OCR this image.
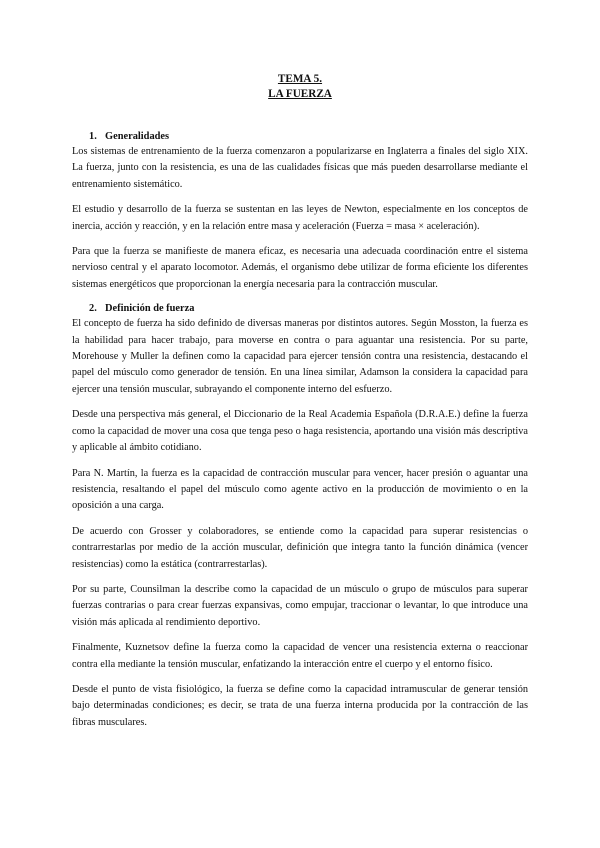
TEMA 5.
LA FUERZA
1. Generalidades

Los sistemas de entrenamiento de la fuerza comenzaron a popularizarse en Inglaterra a finales del siglo XIX. La fuerza, junto con la resistencia, es una de las cualidades físicas que más pueden desarrollarse mediante el entrenamiento sistemático.

El estudio y desarrollo de la fuerza se sustentan en las leyes de Newton, especialmente en los conceptos de inercia, acción y reacción, y en la relación entre masa y aceleración (Fuerza = masa × aceleración).

Para que la fuerza se manifieste de manera eficaz, es necesaria una adecuada coordinación entre el sistema nervioso central y el aparato locomotor. Además, el organismo debe utilizar de forma eficiente los diferentes sistemas energéticos que proporcionan la energía necesaria para la contracción muscular.

2. Definición de fuerza

El concepto de fuerza ha sido definido de diversas maneras por distintos autores. Según Mosston, la fuerza es la habilidad para hacer trabajo, para moverse en contra o para aguantar una resistencia. Por su parte, Morehouse y Muller la definen como la capacidad para ejercer tensión contra una resistencia, destacando el papel del músculo como generador de tensión. En una línea similar, Adamson la considera la capacidad para ejercer una tensión muscular, subrayando el componente interno del esfuerzo.

Desde una perspectiva más general, el Diccionario de la Real Academia Española (D.R.A.E.) define la fuerza como la capacidad de mover una cosa que tenga peso o haga resistencia, aportando una visión más descriptiva y aplicable al ámbito cotidiano.

Para N. Martín, la fuerza es la capacidad de contracción muscular para vencer, hacer presión o aguantar una resistencia, resaltando el papel del músculo como agente activo en la producción de movimiento o en la oposición a una carga.

De acuerdo con Grosser y colaboradores, se entiende como la capacidad para superar resistencias o contrarrestarlas por medio de la acción muscular, definición que integra tanto la función dinámica (vencer resistencias) como la estática (contrarrestarlas).

Por su parte, Counsilman la describe como la capacidad de un músculo o grupo de músculos para superar fuerzas contrarias o para crear fuerzas expansivas, como empujar, traccionar o levantar, lo que introduce una visión más aplicada al rendimiento deportivo.

Finalmente, Kuznetsov define la fuerza como la capacidad de vencer una resistencia externa o reaccionar contra ella mediante la tensión muscular, enfatizando la interacción entre el cuerpo y el entorno físico.

Desde el punto de vista fisiológico, la fuerza se define como la capacidad intramuscular de generar tensión bajo determinadas condiciones; es decir, se trata de una fuerza interna producida por la contracción de las fibras musculares.
